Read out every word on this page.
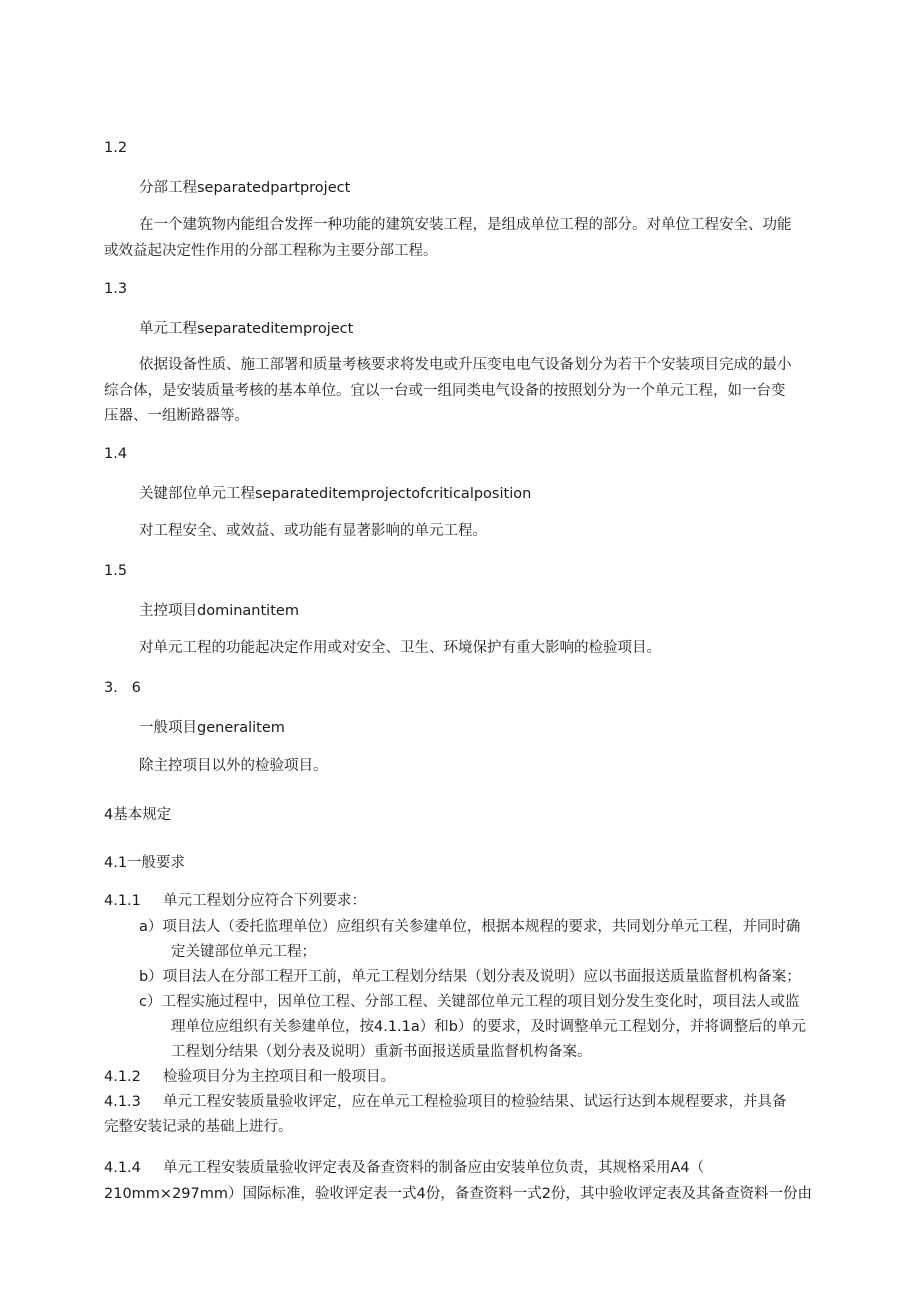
1.2
分部工程separatedpartproject
在一个建筑物内能组合发挥一种功能的建筑安装工程，是组成单位工程的部分。对单位工程安全、功能
或效益起决定性作用的分部工程称为主要分部工程。
1.3
单元工程separateditemproject
依据设备性质、施工部署和质量考核要求将发电或升压变电电气设备划分为若干个安装项目完成的最小
综合体，是安装质量考核的基本单位。宜以一台或一组同类电气设备的按照划分为一个单元工程，如一台变
压器、一组断路器等。
1.4
关键部位单元工程separateditemprojectofcriticalposition
对工程安全、或效益、或功能有显著影响的单元工程。
1.5
主控项目dominantitem
对单元工程的功能起决定作用或对安全、卫生、环境保护有重大影响的检验项目。
3.   6
一般项目generalitem
除主控项目以外的检验项目。
4基本规定
4.1一般要求
4.1.1 单元工程划分应符合下列要求：
a）项目法人（委托监理单位）应组织有关参建单位，根据本规程的要求，共同划分单元工程，并同时确
定关键部位单元工程；
b）项目法人在分部工程开工前，单元工程划分结果（划分表及说明）应以书面报送质量监督机构备案；
c）工程实施过程中，因单位工程、分部工程、关键部位单元工程的项目划分发生变化时，项目法人或监
理单位应组织有关参建单位，按4.1.1a）和b）的要求，及时调整单元工程划分，并将调整后的单元
工程划分结果（划分表及说明）重新书面报送质量监督机构备案。
4.1.2 检验项目分为主控项目和一般项目。
4.1.3 单元工程安装质量验收评定，应在单元工程检验项目的检验结果、试运行达到本规程要求，并具备
完整安装记录的基础上进行。
4.1.4 单元工程安装质量验收评定表及备查资料的制备应由安装单位负责，其规格采用A4（
210mm×297mm）国际标准，验收评定表一式4份，备查资料一式2份，其中验收评定表及其备查资料一份由
